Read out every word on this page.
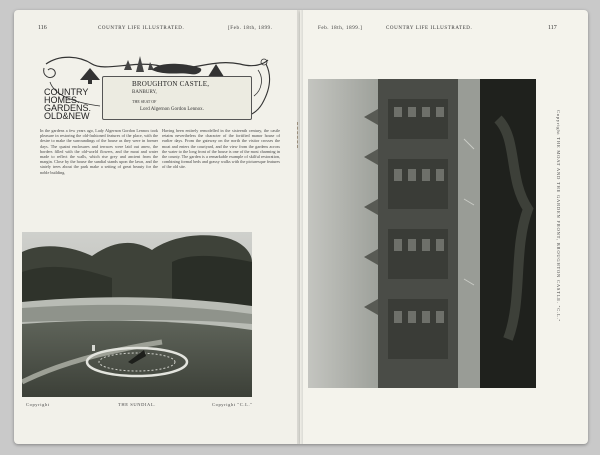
116	COUNTRY LIFE ILLUSTRATED.	[Feb. 18th, 1899.
COUNTRY
HOMES.
GARDENS.
OLD&NEW
BROUGHTON CASTLE,
BANBURY,
THE SEAT OF
Lord Algernon Gordon Lennox.

In the gardens a few years ago, Lady Algernon Gordon Lennox took pleasure in restoring the old-fashioned features of the place, with the desire to make the surroundings of the house as they were in former days. The quaint enclosures and terraces were laid out anew, the borders filled with the old-world flowers, and the moat and water made to reflect the walls, which rise grey and ancient from the margin. Close by the house the sundial stands upon the lawn, and the stately trees about the park make a setting of great beauty for the noble building.

Having been entirely remodelled in the sixteenth century, the castle retains nevertheless the character of the fortified manor house of earlier days. From the gateway on the north the visitor crosses the moat and enters the courtyard, and the view from the gardens across the water to the long front of the house is one of the most charming in the county. The garden is a remarkable example of skilful restoration, combining formal beds and grassy walks with the picturesque features of the old site.

Copyright	THE SUNDIAL.	Copyright "C.L."
Feb. 18th, 1899.]	COUNTRY LIFE ILLUSTRATED.	117
Copyright THE MOAT AND THE GARDEN FRONT, BROUGHTON CASTLE. "C.L."
